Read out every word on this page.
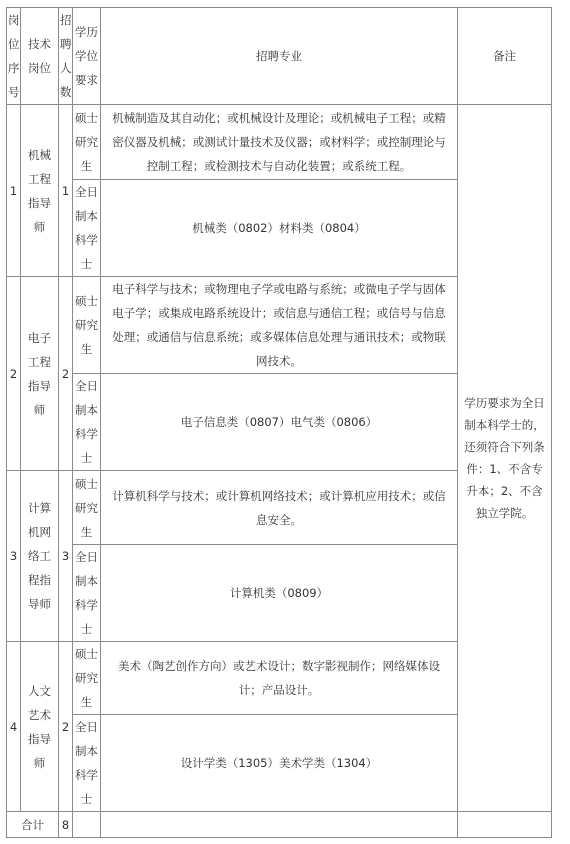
岗位序号	技术岗位	招聘人数	学历学位要求	招聘专业	备注
1	机械工程指导师	1	硕士研究生	机械制造及其自动化；或机械设计及理论；或机械电子工程；或精密仪器及机械；或测试计量技术及仪器；或材料学；或控制理论与控制工程；或检测技术与自动化装置；或系统工程。	学历要求为全日制本科学士的，还须符合下列条件：1、不含专升本；2、不含独立学院。
			全日制本科学士	机械类（0802）材料类（0804）	
2	电子工程指导师	2	硕士研究生	电子科学与技术；或物理电子学或电路与系统；或微电子学与固体电子学；或集成电路系统设计；或信息与通信工程；或信号与信息处理；或通信与信息系统；或多媒体信息处理与通讯技术；或物联网技术。	
			全日制本科学士	电子信息类（0807）电气类（0806）	
3	计算机网络工程指导师	3	硕士研究生	计算机科学与技术；或计算机网络技术；或计算机应用技术；或信息安全。	
			全日制本科学士	计算机类（0809）	
4	人文艺术指导师	2	硕士研究生	美术（陶艺创作方向）或艺术设计；数字影视制作；网络媒体设计；产品设计。	
			全日制本科学士	设计学类（1305）美术学类（1304）	
合计		8			
